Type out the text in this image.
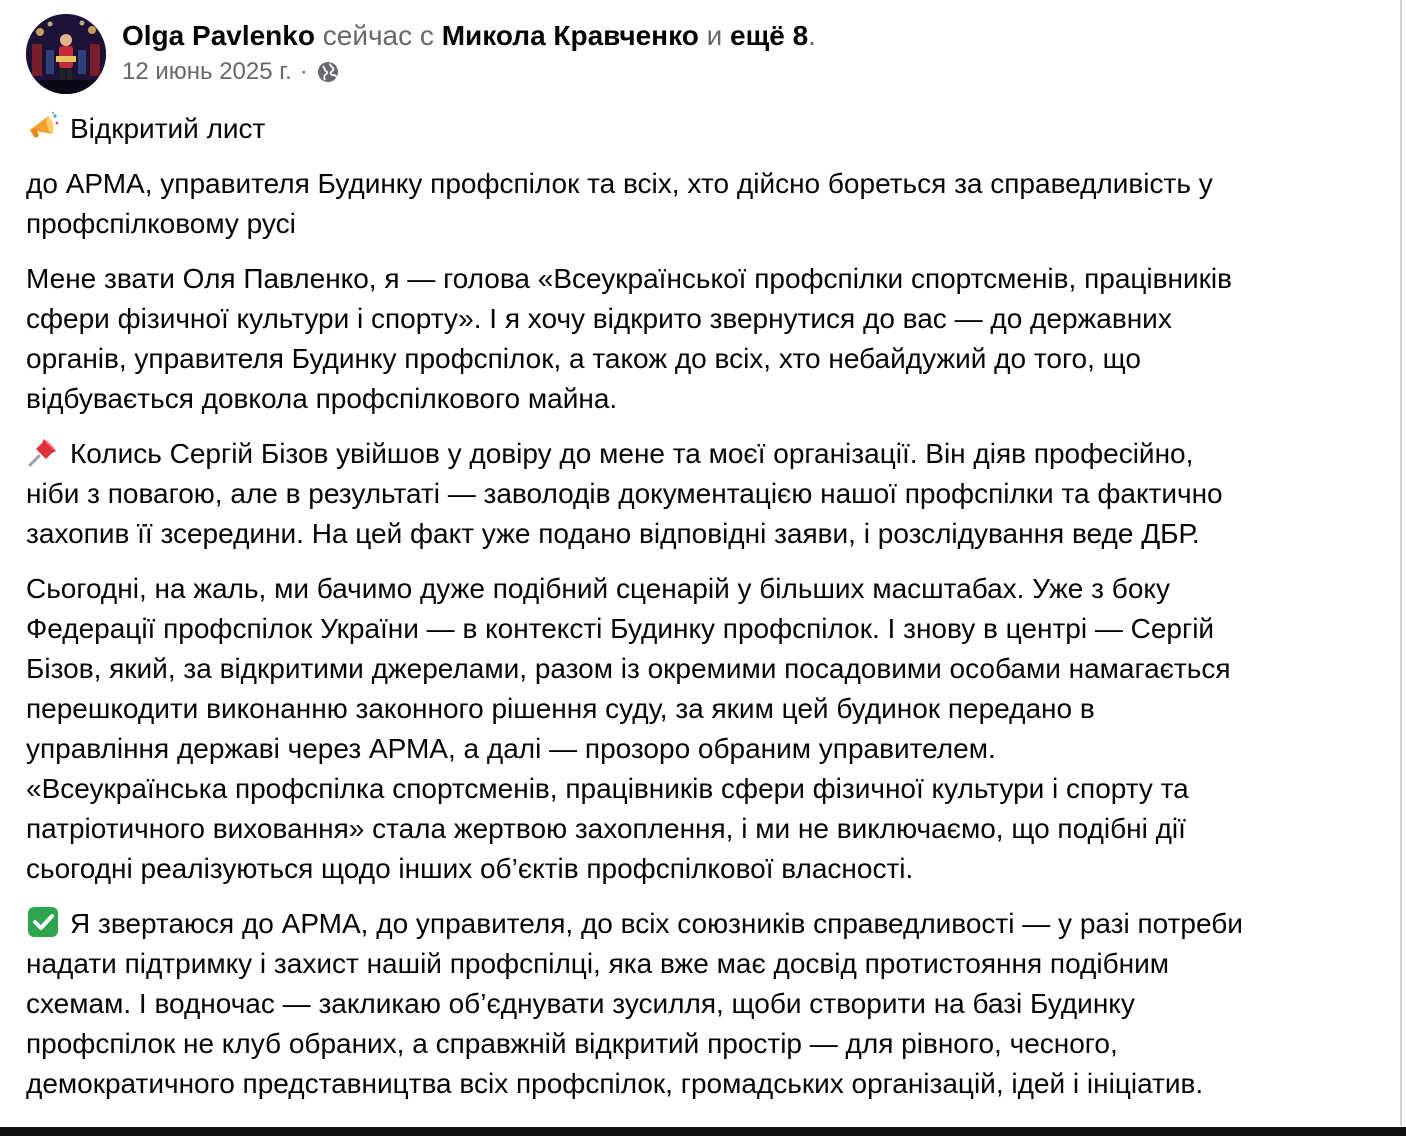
Olga Pavlenko сейчас с Микола Кравченко и ещё 8.
12 июнь 2025 г. ·

Відкритий лист

до АРМА, управителя Будинку профспілок та всіх, хто дійсно бореться за справедливість у
профспілковому русі

Мене звати Оля Павленко, я — голова «Всеукраїнської профспілки спортсменів, працівників
сфери фізичної культури і спорту». І я хочу відкрито звернутися до вас — до державних
органів, управителя Будинку профспілок, а також до всіх, хто небайдужий до того, що
відбувається довкола профспілкового майна.

Колись Сергій Бізов увійшов у довіру до мене та моєї організації. Він діяв професійно,
ніби з повагою, але в результаті — заволодів документацією нашої профспілки та фактично
захопив її зсередини. На цей факт уже подано відповідні заяви, і розслідування веде ДБР.

Сьогодні, на жаль, ми бачимо дуже подібний сценарій у більших масштабах. Уже з боку
Федерації профспілок України — в контексті Будинку профспілок. І знову в центрі — Сергій
Бізов, який, за відкритими джерелами, разом із окремими посадовими особами намагається
перешкодити виконанню законного рішення суду, за яким цей будинок передано в
управління державі через АРМА, а далі — прозоро обраним управителем.
«Всеукраїнська профспілка спортсменів, працівників сфери фізичної культури і спорту та
патріотичного виховання» стала жертвою захоплення, і ми не виключаємо, що подібні дії
сьогодні реалізуються щодо інших об’єктів профспілкової власності.

Я звертаюся до АРМА, до управителя, до всіх союзників справедливості — у разі потреби
надати підтримку і захист нашій профспілці, яка вже має досвід протистояння подібним
схемам. І водночас — закликаю об’єднувати зусилля, щоби створити на базі Будинку
профспілок не клуб обраних, а справжній відкритий простір — для рівного, чесного,
демократичного представництва всіх профспілок, громадських організацій, ідей і ініціатив.
